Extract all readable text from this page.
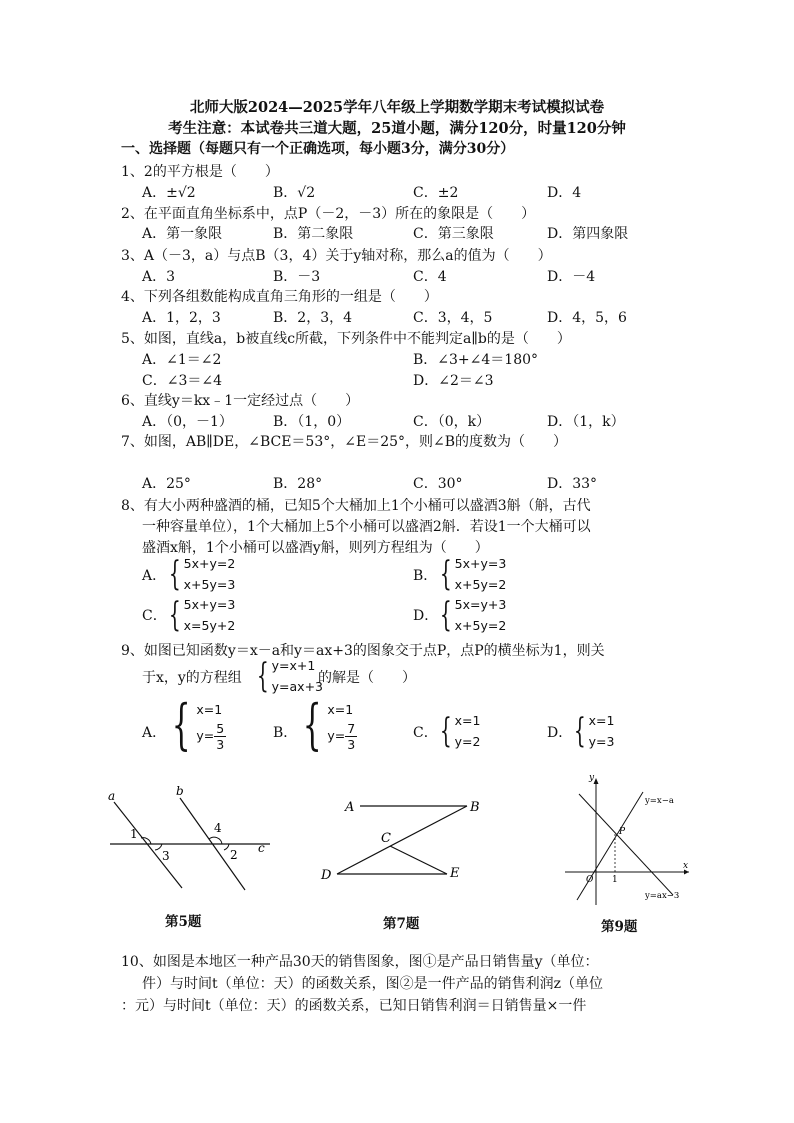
北师大版2024—2025学年八年级上学期数学期末考试模拟试卷
考生注意：本试卷共三道大题，25道小题，满分120分，时量120分钟
一、选择题（每题只有一个正确选项，每小题3分，满分30分）
1、2的平方根是（　　）
A．±√2	B．√2	C．±2	D．4
2、在平面直角坐标系中，点P（－2，－3）所在的象限是（　　）
A．第一象限	B．第二象限	C．第三象限	D．第四象限
3、A（－3，a）与点B（3，4）关于y轴对称，那么a的值为（　　）
A．3	B．－3	C．4	D．－4
4、下列各组数能构成直角三角形的一组是（　　）
A．1，2，3	B．2，3，4	C．3，4，5	D．4，5，6
5、如图，直线a，b被直线c所截，下列条件中不能判定a∥b的是（　　）
A．∠1＝∠2	B．∠3+∠4＝180°
C．∠3＝∠4	D．∠2＝∠3
6、直线y＝kx﹣1一定经过点（　　）
A．（0，－1）	B．（1，0）	C．（0，k）	D．（1，k）
7、如图，AB∥DE，∠BCE＝53°，∠E＝25°，则∠B的度数为（　　）
A．25°	B．28°	C．30°	D．33°
8、有大小两种盛酒的桶，已知5个大桶加上1个小桶可以盛酒3斛（斛，古代
一种容量单位），1个大桶加上5个小桶可以盛酒2斛．若设1一个大桶可以
盛酒x斛，1个小桶可以盛酒y斛，则列方程组为（　　）
A． { 5x+y=2
x+5y=3
B． { 5x+y=3
x+5y=2
C． { 5x+y=3
x=5y+2
D． { 5x=y+3
x+5y=2
9、如图已知函数y＝x－a和y＝ax+3的图象交于点P，点P的横坐标为1，则关
于x，y的方程组 { y=x+1
y=ax+3
的解是（　　）
A． { x=1
$y= \frac{5}{3}$	B． { x=1
$y= \frac{7}{3}$	C． { x=1
y=2
D． { x=1
y=3
a	b
c
1
3
4
2
第5题
A	B
C
D	E
第7题
y
x
O 1
P
y=x−a
y=ax−3
第9题
10、如图是本地区一种产品30天的销售图象，图①是产品日销售量y（单位：
件）与时间t（单位：天）的函数关系，图②是一件产品的销售利润z（单位
：元）与时间t（单位：天）的函数关系，已知日销售利润＝日销售量×一件
